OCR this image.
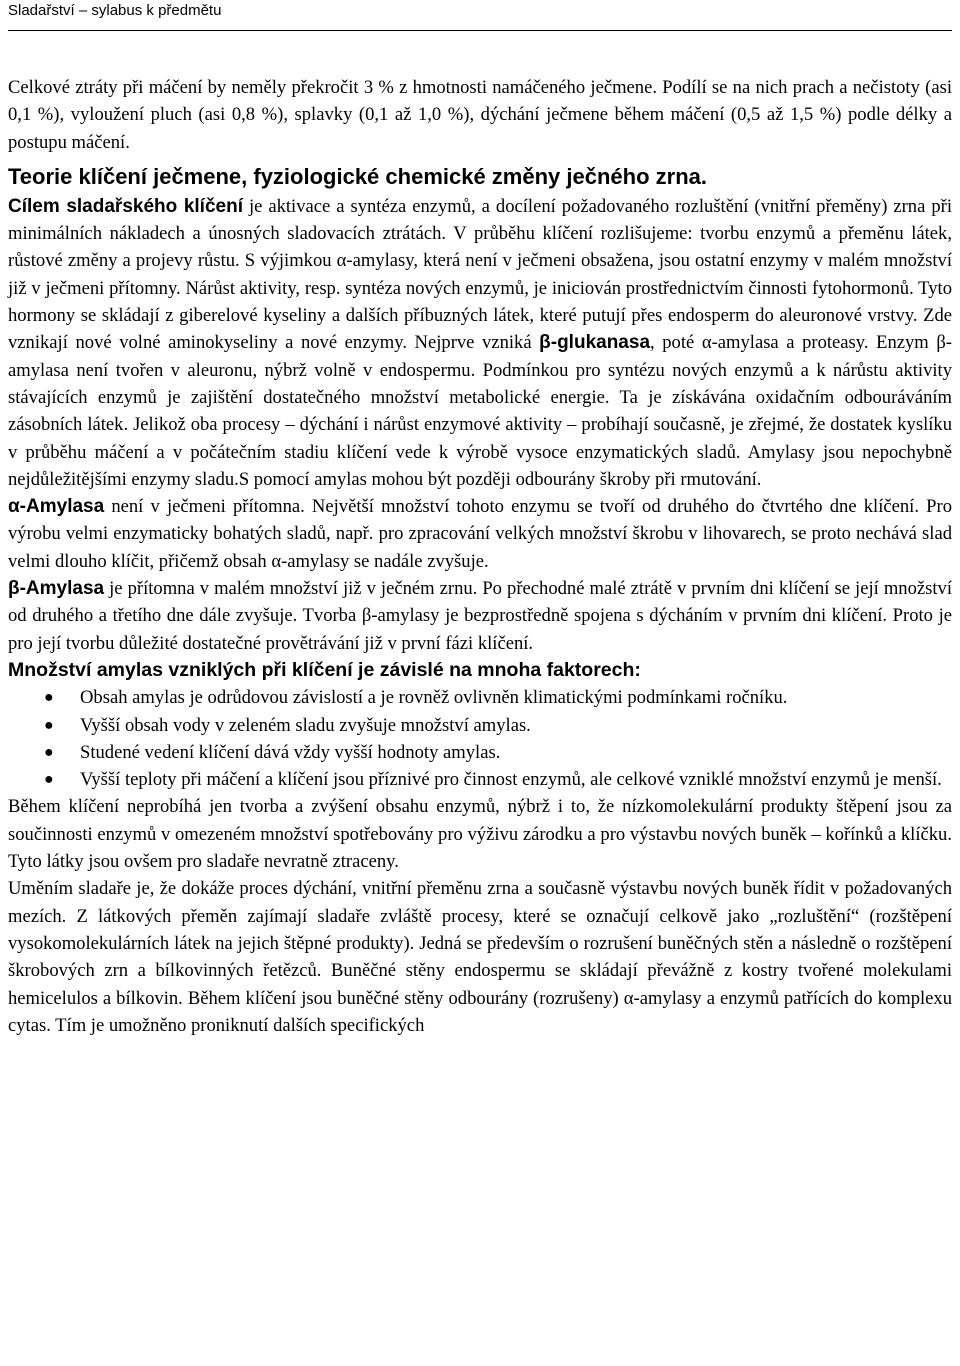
Sladařství – sylabus k předmětu

Celkové ztráty při máčení by neměly překročit 3 % z hmotnosti namáčeného ječmene. Podílí se na nich prach a nečistoty (asi 0,1 %), vyloužení pluch (asi 0,8 %), splavky (0,1 až 1,0 %), dýchání ječmene během máčení (0,5 až 1,5 %) podle délky a postupu máčení.

Teorie klíčení ječmene, fyziologické chemické změny ječného zrna.

Cílem sladařského klíčení je aktivace a syntéza enzymů, a docílení požadovaného rozluštění (vnitřní přeměny) zrna při minimálních nákladech a únosných sladovacích ztrátách. V průběhu klíčení rozlišujeme: tvorbu enzymů a přeměnu látek, růstové změny a projevy růstu. S výjimkou α-amylasy, která není v ječmeni obsažena, jsou ostatní enzymy v malém množství již v ječmeni přítomny. Nárůst aktivity, resp. syntéza nových enzymů, je iniciován prostřednictvím činnosti fytohormonů. Tyto hormony se skládají z giberelové kyseliny a dalších příbuzných látek, které putují přes endosperm do aleuronové vrstvy. Zde vznikají nové volné aminokyseliny a nové enzymy. Nejprve vzniká β-glukanasa, poté α-amylasa a proteasy. Enzym β-amylasa není tvořen v aleuronu, nýbrž volně v endospermu. Podmínkou pro syntézu nových enzymů a k nárůstu aktivity stávajících enzymů je zajištění dostatečného množství metabolické energie. Ta je získávána oxidačním odbouráváním zásobních látek. Jelikož oba procesy – dýchání i nárůst enzymové aktivity – probíhají současně, je zřejmé, že dostatek kyslíku v průběhu máčení a v počátečním stadiu klíčení vede k výrobě vysoce enzymatických sladů. Amylasy jsou nepochybně nejdůležitějšími enzymy sladu.S pomocí amylas mohou být později odbourány škroby při rmutování.

α-Amylasa není v ječmeni přítomna. Největší množství tohoto enzymu se tvoří od druhého do čtvrtého dne klíčení. Pro výrobu velmi enzymaticky bohatých sladů, např. pro zpracování velkých množství škrobu v lihovarech, se proto nechává slad velmi dlouho klíčit, přičemž obsah α-amylasy se nadále zvyšuje.

β-Amylasa je přítomna v malém množství již v ječném zrnu. Po přechodné malé ztrátě v prvním dni klíčení se její množství od druhého a třetího dne dále zvyšuje. Tvorba β-amylasy je bezprostředně spojena s dýcháním v prvním dni klíčení. Proto je pro její tvorbu důležité dostatečné provětrávání již v první fázi klíčení.

Množství amylas vzniklých při klíčení je závislé na mnoha faktorech:
● Obsah amylas je odrůdovou závislostí a je rovněž ovlivněn klimatickými podmínkami ročníku.
● Vyšší obsah vody v zeleném sladu zvyšuje množství amylas.
● Studené vedení klíčení dává vždy vyšší hodnoty amylas.
● Vyšší teploty při máčení a klíčení jsou příznivé pro činnost enzymů, ale celkové vzniklé množství enzymů je menší.

Během klíčení neprobíhá jen tvorba a zvýšení obsahu enzymů, nýbrž i to, že nízkomolekulární produkty štěpení jsou za součinnosti enzymů v omezeném množství spotřebovány pro výživu zárodku a pro výstavbu nových buněk – kořínků a klíčku. Tyto látky jsou ovšem pro sladaře nevratně ztraceny.

Uměním sladaře je, že dokáže proces dýchání, vnitřní přeměnu zrna a současně výstavbu nových buněk řídit v požadovaných mezích. Z látkových přeměn zajímají sladaře zvláště procesy, které se označují celkově jako „rozluštění“ (rozštěpení vysokomolekulárních látek na jejich štěpné produkty). Jedná se především o rozrušení buněčných stěn a následně o rozštěpení škrobových zrn a bílkovinných řetězců. Buněčné stěny endospermu se skládají převážně z kostry tvořené molekulami hemicelulos a bílkovin. Během klíčení jsou buněčné stěny odbourány (rozrušeny) α-amylasy a enzymů patřících do komplexu cytas. Tím je umožněno proniknutí dalších specifických
